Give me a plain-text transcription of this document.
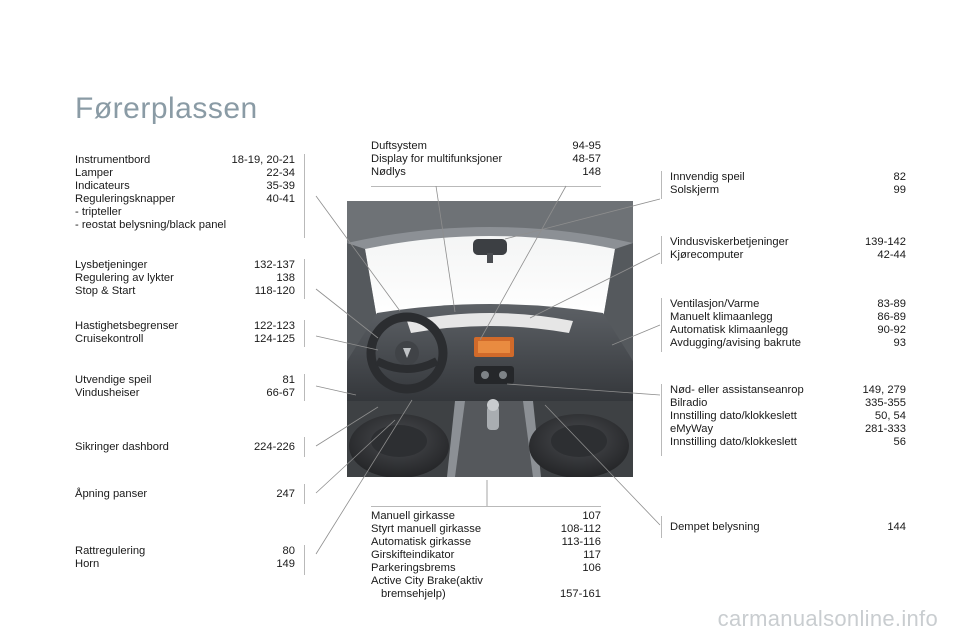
Førerplassen
Instrumentbord	18-19, 20-21
Lamper	22-34
Indicateurs	35-39
Reguleringsknapper	40-41
- tripteller
- reostat belysning/black panel
Lysbetjeninger	132-137
Regulering av lykter	138
Stop & Start	118-120
Hastighetsbegrenser	122-123
Cruisekontroll	124-125
Utvendige speil	81
Vindusheiser	66-67
Sikringer dashbord	224-226
Åpning panser	247
Rattregulering	80
Horn	149
Duftsystem	94-95
Display for multifunksjoner	48-57
Nødlys	148
Manuell girkasse	107
Styrt manuell girkasse	108-112
Automatisk girkasse	113-116
Girskifteindikator	117
Parkeringsbrems	106
Active City Brake(aktiv
bremsehjelp)	157-161
Innvendig speil	82
Solskjerm	99
Vindusviskerbetjeninger	139-142
Kjørecomputer	42-44
Ventilasjon/Varme	83-89
Manuelt klimaanlegg	86-89
Automatisk klimaanlegg	90-92
Avdugging/avising bakrute	93
Nød- eller assistanseanrop	149, 279
Bilradio	335-355
Innstilling dato/klokkeslett	50, 54
eMyWay	281-333
Innstilling dato/klokkeslett	56
Dempet belysning	144
carmanualsonline.info
